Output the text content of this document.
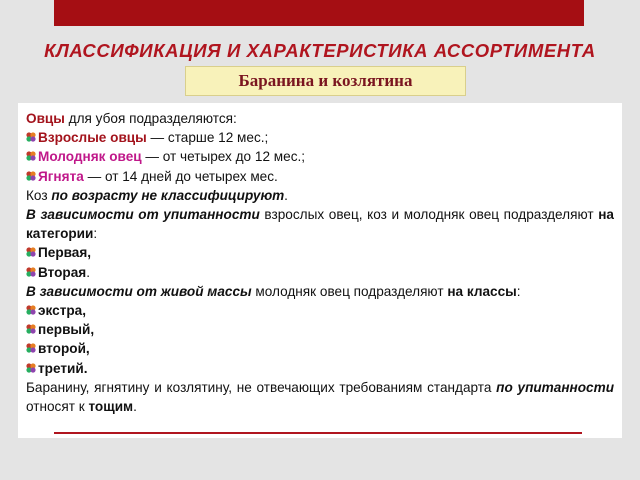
КЛАССИФИКАЦИЯ И ХАРАКТЕРИСТИКА АССОРТИМЕНТА
Баранина и козлятина

Овцы для убоя подразделяются:

Взрослые овцы — старше 12 мес.;
Молодняк овец — от четырех до 12 мес.;
Ягнята — от 14 дней до четырех мес.

Коз по возрасту не классифицируют.

В зависимости от упитанности взрослых овец, коз и молодняк овец подразделяют на категории:

Первая,
Вторая.

В зависимости от живой массы молодняк овец подразделяют на классы:

экстра,
первый,
второй,
третий.

Баранину, ягнятину и козлятину, не отвечающих требованиям стандарта по упитанности относят к тощим.
